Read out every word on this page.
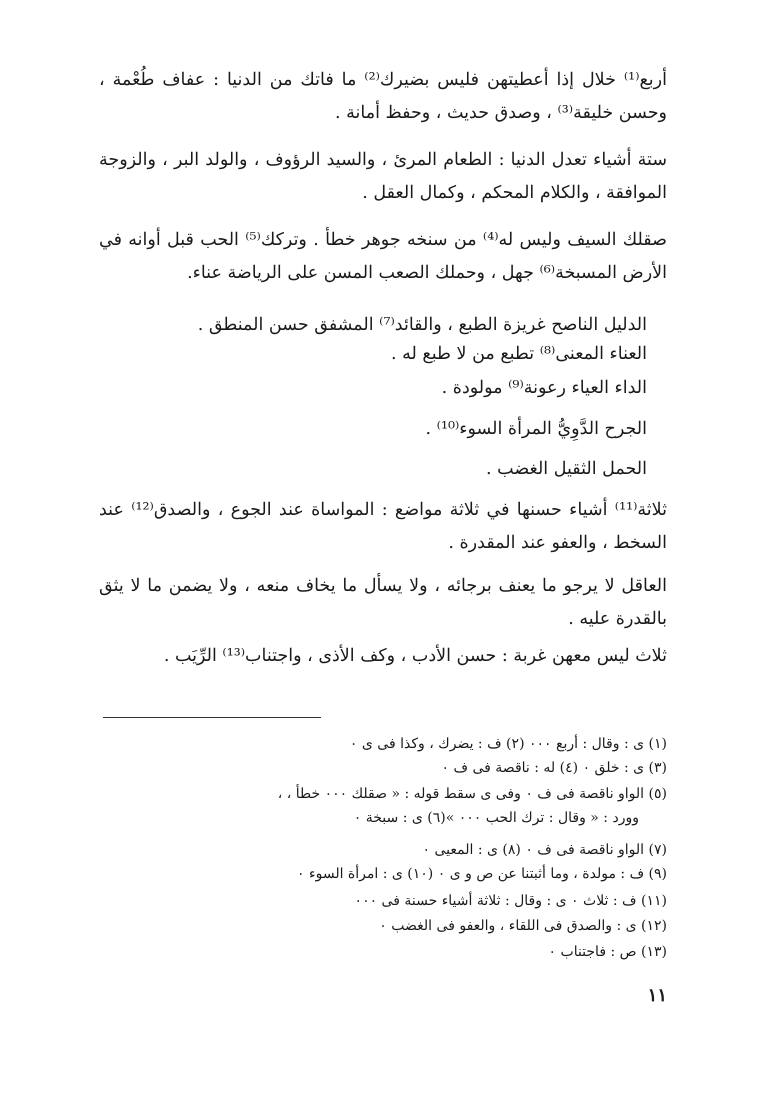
أربع⁽¹⁾ خلال إذا أعطيتهن فليس بضيرك⁽²⁾ ما فاتك من الدنيا : عفاف طُعْمة ، وحسن خليقة⁽³⁾ ، وصدق حديث ، وحفظ أمانة .

ستة أشياء تعدل الدنيا : الطعام المرئ ، والسيد الرؤوف ، والولد البر ، والزوجة الموافقة ، والكلام المحكم ، وكمال العقل .

صقلك السيف وليس له⁽⁴⁾ من سنخه جوهر خطأ . وتركك⁽⁵⁾ الحب قبل أوانه في الأرض المسبخة⁽⁶⁾ جهل ، وحملك الصعب المسن على الرياضة عناء.

الدليل الناصح غريزة الطبع ، والقائد⁽⁷⁾ المشفق حسن المنطق .

العناء المعنى⁽⁸⁾ تطبع من لا طبع له .

الداء العياء رعونة⁽⁹⁾ مولودة .

الجرح الدَّوِيُّ المرأة السوء⁽¹⁰⁾ .

الحمل الثقيل الغضب .

ثلاثة⁽¹¹⁾ أشياء حسنها في ثلاثة مواضع : المواساة عند الجوع ، والصدق⁽¹²⁾ عند السخط ، والعفو عند المقدرة .

العاقل لا يرجو ما يعنف برجائه ، ولا يسأل ما يخاف منعه ، ولا يضمن ما لا يثق بالقدرة عليه .

ثلاث ليس معهن غربة : حسن الأدب ، وكف الأذى ، واجتناب⁽¹³⁾ الرِّيَب .

(١) ى : وقال : أربع ٠٠٠ (٢) ف : يضرك ، وكذا فى ى ٠

(٣) ى : خلق ٠ (٤) له : ناقصة فى ف ٠

(٥) الواو ناقصة فى ف ٠ وفى ى سقط قوله : « صقلك ٠٠٠ خطأ ، ،

وورد : « وقال : ترك الحب ٠٠٠ »(٦) ى : سبخة ٠

(٧) الواو ناقصة فى ف ٠ (٨) ى : المعيى ٠

(٩) ف : مولدة ، وما أثبتنا عن ص و ى ٠ (١٠) ى : امرأة السوء ٠

(١١) ف : ثلاث ٠ ى : وقال : ثلاثة أشياء حسنة فى ٠٠٠

(١٢) ى : والصدق فى اللقاء ، والعفو فى الغضب ٠

(١٣) ص : فاجتناب ٠

١١
